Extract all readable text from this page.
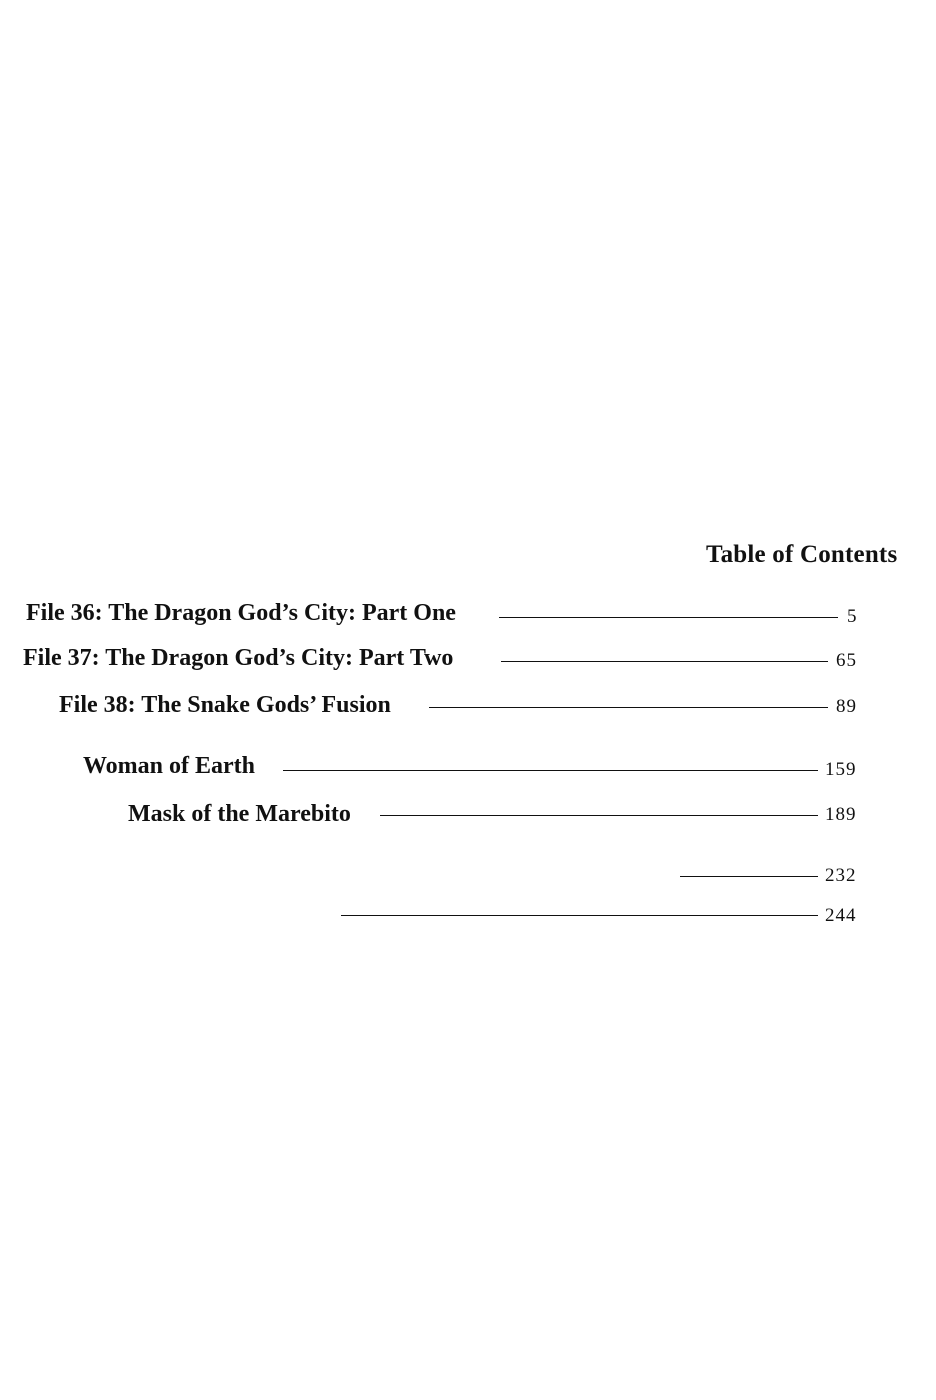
Table of Contents
File 36: The Dragon God’s City: Part One	5
File 37: The Dragon God’s City: Part Two	65
File 38: The Snake Gods’ Fusion	89
Woman of Earth	159
Mask of the Marebito	189
232
244
